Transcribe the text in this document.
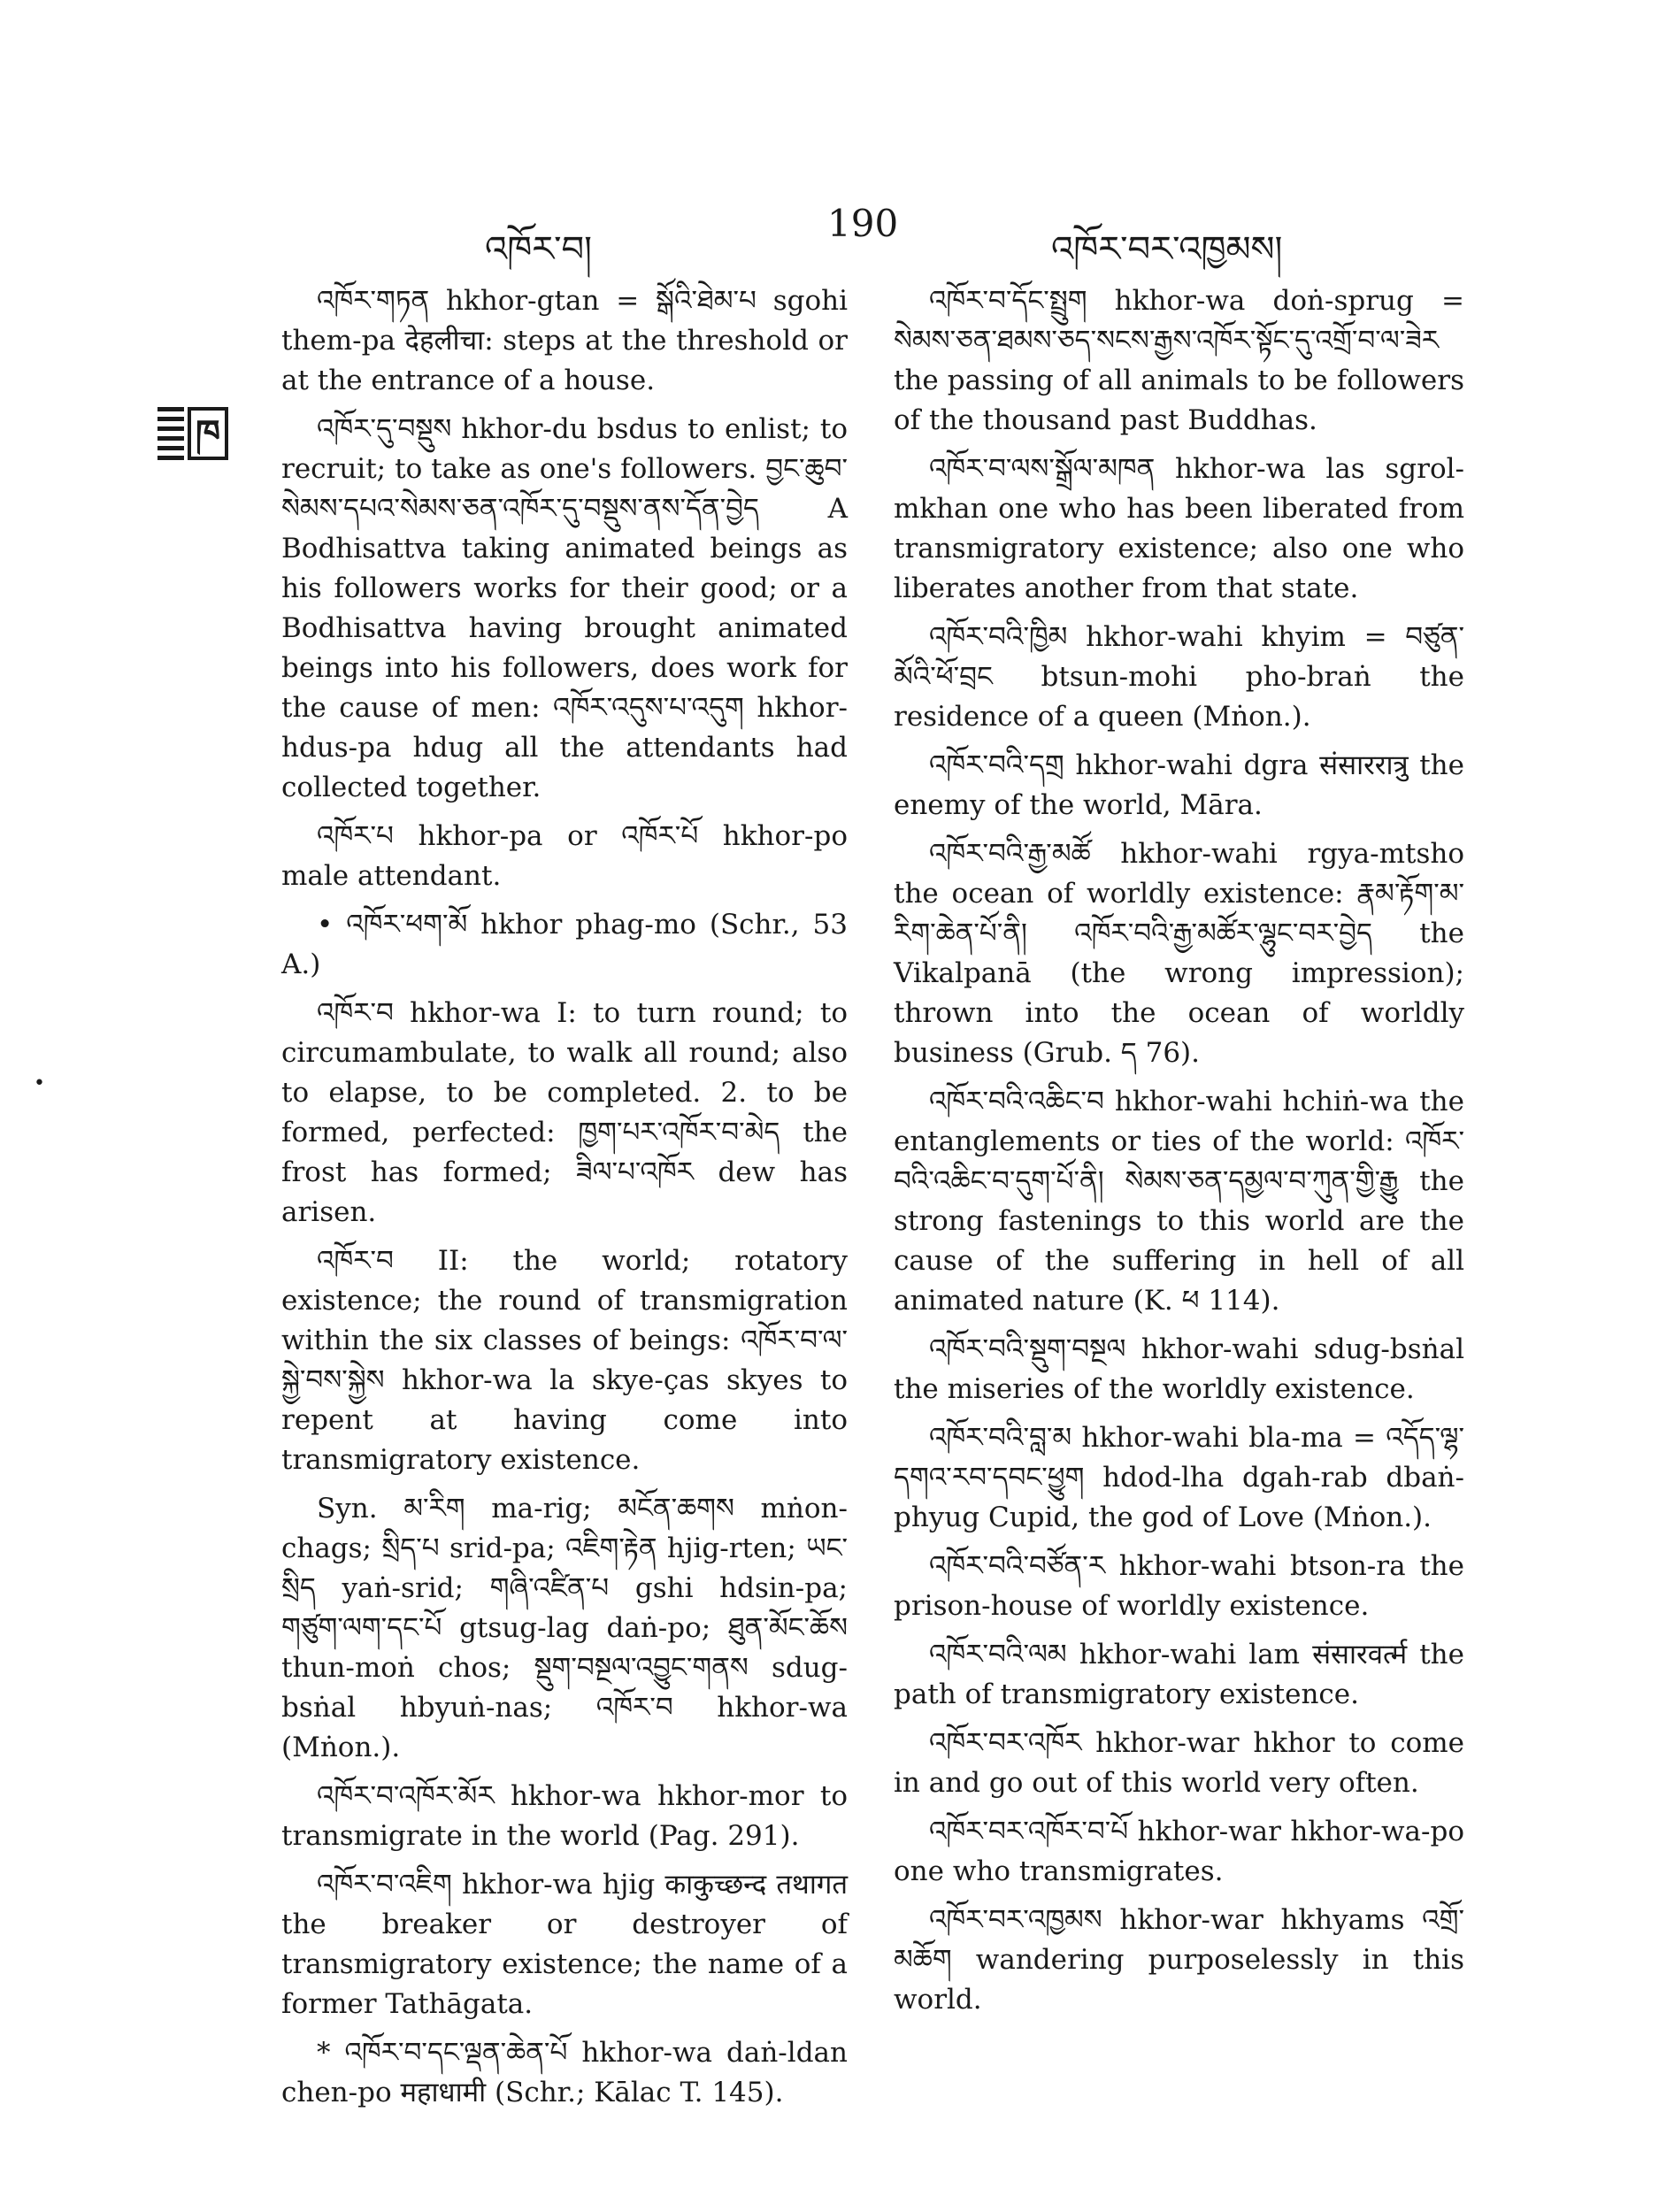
འཁོར་བ།
190
འཁོར་བར་འཁྱམས།
ཁ
•

འཁོར་གཏན hkhor-gtan = སྒོའི་ཐེམ་པ sgohi them-pa देहलीचा: steps at the threshold or at the entrance of a house.

འཁོར་དུ་བསྡུས hkhor-du bsdus to enlist; to recruit; to take as one's followers. བྱང་ཆུབ་སེམས་དཔའ་སེམས་ཅན་འཁོར་དུ་བསྡུས་ནས་དོན་བྱེད A Bodhisattva taking animated beings as his followers works for their good; or a Bodhisattva having brought animated beings into his followers, does work for the cause of men: འཁོར་འདུས་པ་འདུག hkhor-hdus-pa hdug all the attendants had collected together.

འཁོར་པ hkhor-pa or འཁོར་པོ hkhor-po male attendant.

• འཁོར་ཕག་མོ hkhor phag-mo (Schr., 53 A.)

འཁོར་བ hkhor-wa I: to turn round; to circumambulate, to walk all round; also to elapse, to be completed. 2. to be formed, perfected: ཁྱག་པར་འཁོར་བ་མེད the frost has formed; ཟིལ་པ་འཁོར dew has arisen.

འཁོར་བ II: the world; rotatory existence; the round of transmigration within the six classes of beings: འཁོར་བ་ལ་སྐྱེ་བས་སྐྱེས hkhor-wa la skye-ças skyes to repent at having come into transmigratory existence.

Syn. མ་རིག ma-rig; མངོན་ཆགས mṅon-chags; སྲིད་པ srid-pa; འཇིག་རྟེན hjig-rten; ཡང་སྲིད yaṅ-srid; གཞི་འཛིན་པ gshi hdsin-pa; གཙུག་ལག་དང་པོ gtsug-lag daṅ-po; ཐུན་མོང་ཆོས thun-moṅ chos; སྡུག་བསྔལ་འབྱུང་གནས sdug-bsṅal hbyuṅ-nas; འཁོར་བ hkhor-wa (Mṅon.).

འཁོར་བ་འཁོར་མོར hkhor-wa hkhor-mor to transmigrate in the world (Pag. 291).

འཁོར་བ་འཇིག hkhor-wa hjig काकुच्छन्द तथागत the breaker or destroyer of transmigratory existence; the name of a former Tathāgata.

* འཁོར་བ་དང་ལྡན་ཆེན་པོ hkhor-wa daṅ-ldan chen-po महाधामी (Schr.; Kālac T. 145).

འཁོར་བ་དོང་སྤྲུག hkhor-wa doṅ-sprug = སེམས་ཅན་ཐམས་ཅད་སངས་རྒྱས་འཁོར་སྟོང་དུ་འགྲོ་བ་ལ་ཟེར the passing of all animals to be followers of the thousand past Buddhas.

འཁོར་བ་ལས་སྒྲོལ་མཁན hkhor-wa las sgrol-mkhan one who has been liberated from transmigratory existence; also one who liberates another from that state.

འཁོར་བའི་ཁྱིམ hkhor-wahi khyim = བཙུན་མོའི་ཕོ་བྲང btsun-mohi pho-braṅ the residence of a queen (Mṅon.).

འཁོར་བའི་དགྲ hkhor-wahi dgra संसाररात्रु the enemy of the world, Māra.

འཁོར་བའི་རྒྱ་མཚོ hkhor-wahi rgya-mtsho the ocean of worldly existence: རྣམ་རྟོག་མ་རིག་ཆེན་པོ་ནི། འཁོར་བའི་རྒྱ་མཚོར་ལྷུང་བར་བྱེད the Vikalpanā (the wrong impression); thrown into the ocean of worldly business (Grub. ད 76).

འཁོར་བའི་འཆིང་བ hkhor-wahi hchiṅ-wa the entanglements or ties of the world: འཁོར་བའི་འཆིང་བ་དུག་པོ་ནི། སེམས་ཅན་དམྱལ་བ་ཀུན་གྱི་རྒྱུ the strong fastenings to this world are the cause of the suffering in hell of all animated nature (K. ཕ 114).

འཁོར་བའི་སྡུག་བསྔལ hkhor-wahi sdug-bsṅal the miseries of the worldly existence.

འཁོར་བའི་བླ་མ hkhor-wahi bla-ma = འདོད་ལྷ་དགའ་རབ་དབང་ཕྱུག hdod-lha dgah-rab dbaṅ-phyug Cupid, the god of Love (Mṅon.).

འཁོར་བའི་བཙོན་ར hkhor-wahi btson-ra the prison-house of worldly existence.

འཁོར་བའི་ལམ hkhor-wahi lam संसारवर्त्म the path of transmigratory existence.

འཁོར་བར་འཁོར hkhor-war hkhor to come in and go out of this world very often.

འཁོར་བར་འཁོར་བ་པོ hkhor-war hkhor-wa-po one who transmigrates.

འཁོར་བར་འཁྱམས hkhor-war hkhyams འགྲོ་མཆོག wandering purposelessly in this world.
